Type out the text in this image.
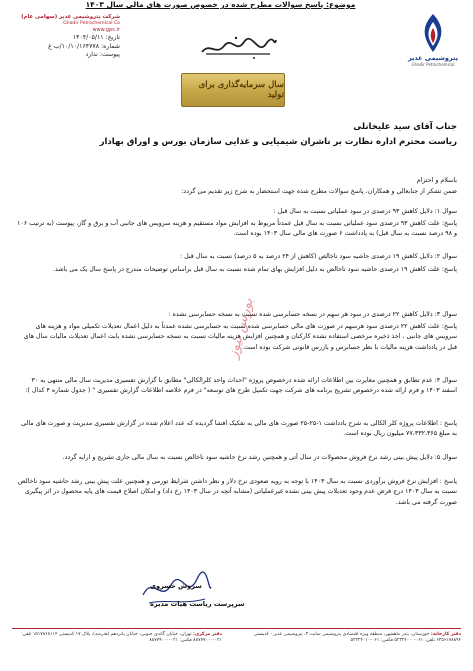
پتروشیمی غدیر
Ghadir Petrochemical
سال سرمایه‌گذاری برای تولید
شرکت پتروشیمی غدیر (سهامی عام)
Ghadir Petrochemical Co.
www.gpc.ir
تاریخ: ۱۴۰۴/۰۵/۱۱
شماره: ۱۰/۱۰/۱۶۴۷۷۸/ب غ
پیوست: ندارد
جناب آقای سید علیخانلی
ریاست محترم اداره نظارت بر ناشران شیمیایی و غذایی سازمان بورس و اوراق بهادار
موضوع: پاسخ سوالات مطرح شده در خصوص صورت های مالی سال ۱۴۰۳
باسلام و احترام
ضمن تشکر از جنابعالی و همکاران، پاسخ سوالات مطرح شده جهت استحضار به شرح زیر تقدیم می گردد:
سوال ۱: دلایل کاهش ۹۳ درصدی در سود عملیاتی نسبت به سال قبل :
پاسخ: علت کاهش ۹۳ درصدی سود عملیاتی نسبت به سال قبل عمدتاً مربوط به افزایش مواد مستقیم و هزینه سرویس های جانبی آب و برق و گاز، پیوست (به ترتیب ۱۰۶ و ۹۸ درصد نسبت به سال قبل) به پادداشت ۶ صورت های مالی سال ۱۴۰۳ بوده است.
سوال ۲: دلایل کاهش ۱۹ درصدی حاشیه سود ناخالص (کاهش از ۲۴ درصد به ۵ درصد) نسبت به سال قبل :
پاسخ: علت کاهش ۱۹ درصدی حاشیه سود ناخالص به دلیل افزایش بهای تمام شده نسبت به سال قبل براساس توضیحات مندرج در پاسخ سال یک می باشد.
سوال ۳: دلایل کاهش ۲۲ درصدی در سود هر سهم در نسخه حسابرسی شده نسبت به نسخه حسابرسی نشده :
پاسخ: علت کاهش ۲۲ درصدی سود هرسهم در صورت های مالی حسابرسی شده نسبت به حسابرسی نشده عمدتاً به دلیل اعمال تعدیلات تکمیلی مواد و هزینه های سرویس های جانبی ، اخذ ذخیره مرخصی استفاده نشده کارکنان و همچنین افزایش هزینه مالیات نسبت به نسخه حسابرسی نشده بابت اعمال تعدیلات مالیات سال های قبل در یادداشت هزینه مالیات با نظر حسابرس و بازرس قانونی شرکت بوده است.
سوال ۴: عدم تطابق و همچنین مغایرت بین اطلاعات ارائه شده درخصوص پروژه "احداث واحد کلرالکالی" مطابق با گزارش تفسیری مدیریت سال مالی منتهی به ۳۰ اسفند ۱۴۰۳ و فرم ارائه شده درخصوص تشریح برنامه های شرکت جهت تکمیل طرح های توسعه" در فرم خلاصه اطلاعات گزارش تفسیری " ( جدول شماره ۴ کدال ):
پاسخ : اطلاعات پروژه کلر الکالی به شرح یادداشت ۱-۲۵-۲۵ صورت های مالی به تفکیک افشا گردیده که عدد اعلام شده در گزارش تفسیری مدیریت و صورت های مالی به مبلغ ۷۷،۳۳۲،۳۶۵ میلیون ریال بوده است.
سوال ۵: دلایل پیش بینی رشد نرخ فروش محصولات در سال آتی و همچنین رشد نرخ حاشیه سود ناخالص نسبت به سال مالی جاری تشریح و ارایه گردد.
پاسخ : افزایش نرخ فروش برآوردی نسبت به سال ۱۴۰۳ با توجه به رویه صعودی نرخ دلار و نظر داشتن شرایط تورمی و همچنین علت پیش بینی رشد حاشیه سود ناخالص نسبت به سال ۱۴۰۳ درج فرض عدم وجود تعدیلات پیش بینی نشده غیرعملیاتی (مشابه آنچه در سال ۱۴۰۳ رخ داد) و امکان اصلاح قیمت های پایه محصول در اثر پیگیری صورت گرفته می باشد.
بورس نیوز
سروش خسروی
سرپرست ریاست هیات مدیره
دفتر کارخانه: خوزستان، بندر ماهشهر، منطقه ویژه اقتصادی پتروشیمی سایت ۳، پتروشیمی غدیر - کدپستی ۶۳۵۶۱۷۸۸۹۴ تلفن: ۰۶۱-۵۲۳۲۴۰۰۰ فکس: ۰۶۱-۵۲۳۲۴۰۱۰
دفتر مرکزی: تهران، خیابان گاندی جنوبی، خیابان پانزدهم (هنرمند)، پلاک ۱۷ کدپستی ۱۵۱۷۸۶۸۱۱۴ تلفن: ۰۲۱-۸۸۷۷۷۰۰۰ فکس: ۰۲۱-۸۸۷۷۹۰۰۰
